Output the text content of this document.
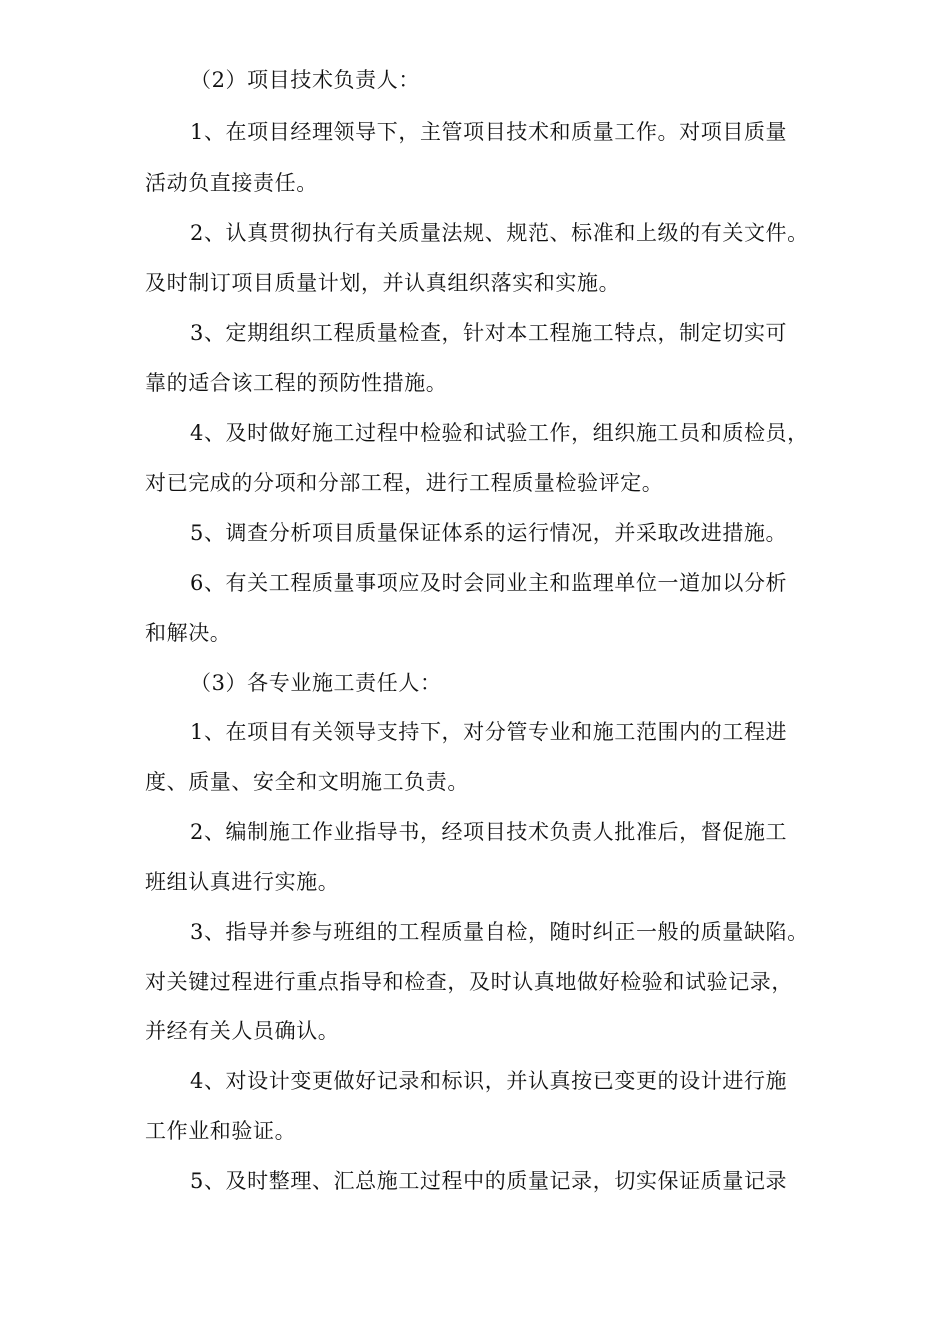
（2）项目技术负责人：

1、在项目经理领导下，主管项目技术和质量工作。对项目质量

活动负直接责任。

2、认真贯彻执行有关质量法规、规范、标准和上级的有关文件。

及时制订项目质量计划，并认真组织落实和实施。

3、定期组织工程质量检查，针对本工程施工特点，制定切实可

靠的适合该工程的预防性措施。

4、及时做好施工过程中检验和试验工作，组织施工员和质检员，

对已完成的分项和分部工程，进行工程质量检验评定。

5、调查分析项目质量保证体系的运行情况，并采取改进措施。

6、有关工程质量事项应及时会同业主和监理单位一道加以分析

和解决。

（3）各专业施工责任人：

1、在项目有关领导支持下，对分管专业和施工范围内的工程进

度、质量、安全和文明施工负责。

2、编制施工作业指导书，经项目技术负责人批准后，督促施工

班组认真进行实施。

3、指导并参与班组的工程质量自检，随时纠正一般的质量缺陷。

对关键过程进行重点指导和检查，及时认真地做好检验和试验记录，

并经有关人员确认。

4、对设计变更做好记录和标识，并认真按已变更的设计进行施

工作业和验证。

5、及时整理、汇总施工过程中的质量记录，切实保证质量记录
